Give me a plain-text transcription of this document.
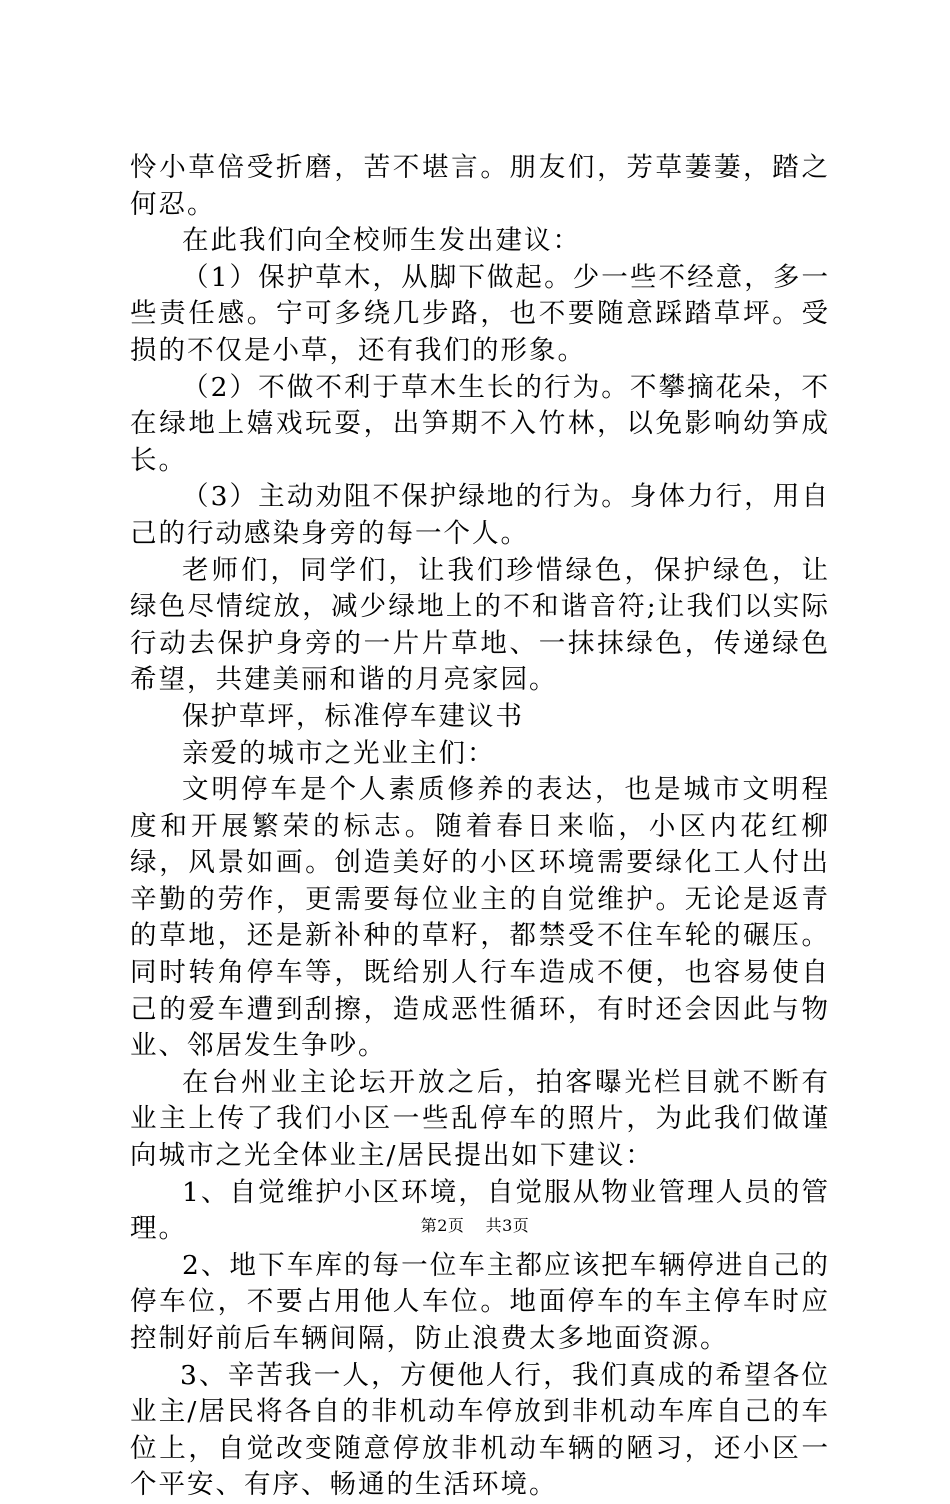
怜小草倍受折磨，苦不堪言。朋友们，芳草萋萋，踏之何忍。

在此我们向全校师生发出建议：

（1）保护草木，从脚下做起。少一些不经意，多一些责任感。宁可多绕几步路，也不要随意踩踏草坪。受损的不仅是小草，还有我们的形象。

（2）不做不利于草木生长的行为。不攀摘花朵，不在绿地上嬉戏玩耍，出笋期不入竹林，以免影响幼笋成长。

（3）主动劝阻不保护绿地的行为。身体力行，用自己的行动感染身旁的每一个人。

老师们，同学们，让我们珍惜绿色，保护绿色，让绿色尽情绽放，减少绿地上的不和谐音符;让我们以实际行动去保护身旁的一片片草地、一抹抹绿色，传递绿色希望，共建美丽和谐的月亮家园。

保护草坪，标准停车建议书

亲爱的城市之光业主们：

文明停车是个人素质修养的表达，也是城市文明程度和开展繁荣的标志。随着春日来临，小区内花红柳绿，风景如画。创造美好的小区环境需要绿化工人付出辛勤的劳作，更需要每位业主的自觉维护。无论是返青的草地，还是新补种的草籽，都禁受不住车轮的碾压。同时转角停车等，既给别人行车造成不便，也容易使自己的爱车遭到刮擦，造成恶性循环，有时还会因此与物业、邻居发生争吵。

在台州业主论坛开放之后，拍客曝光栏目就不断有业主上传了我们小区一些乱停车的照片，为此我们做谨向城市之光全体业主/居民提出如下建议：

1、自觉维护小区环境，自觉服从物业管理人员的管理。

2、地下车库的每一位车主都应该把车辆停进自己的停车位，不要占用他人车位。地面停车的车主停车时应控制好前后车辆间隔，防止浪费太多地面资源。

3、辛苦我一人，方便他人行，我们真成的希望各位业主/居民将各自的非机动车停放到非机动车库自己的车位上，自觉改变随意停放非机动车辆的陋习，还小区一个平安、有序、畅通的生活环境。

第2页 共3页
